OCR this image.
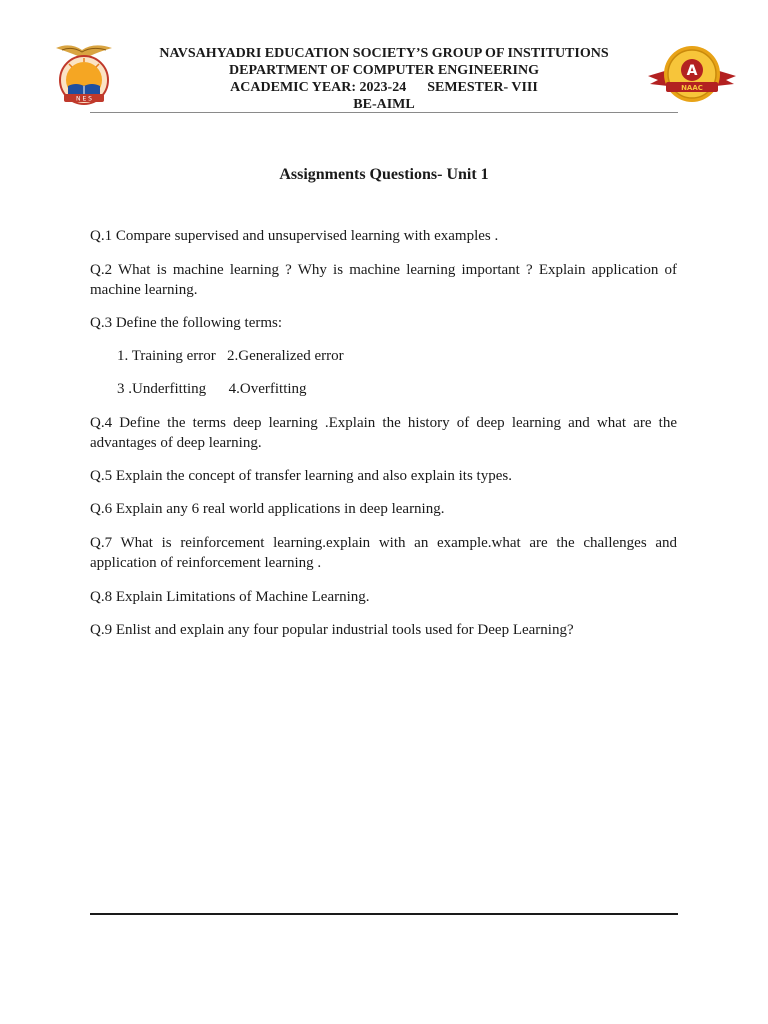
N E S
NAVSAHYADRI EDUCATION SOCIETY’S GROUP OF INSTITUTIONS
DEPARTMENT OF COMPUTER ENGINEERING
ACADEMIC YEAR: 2023-24      SEMESTER- VIII
BE-AIML
A
NAAC
Assignments Questions- Unit 1

Q.1 Compare supervised and unsupervised learning with examples .

Q.2 What is machine learning ? Why is machine learning important ? Explain application of machine learning.

Q.3 Define the following terms:

1. Training error   2.Generalized error

3 .Underfitting      4.Overfitting

Q.4 Define the terms deep learning .Explain the history of deep learning and what are the advantages of deep learning.

Q.5 Explain the concept of transfer learning and also explain its types.

Q.6 Explain any 6 real world applications in deep learning.

Q.7 What is reinforcement learning.explain with an example.what are the challenges and application of reinforcement learning .

Q.8 Explain Limitations of Machine Learning.

Q.9 Enlist and explain any four popular industrial tools used for Deep Learning?
